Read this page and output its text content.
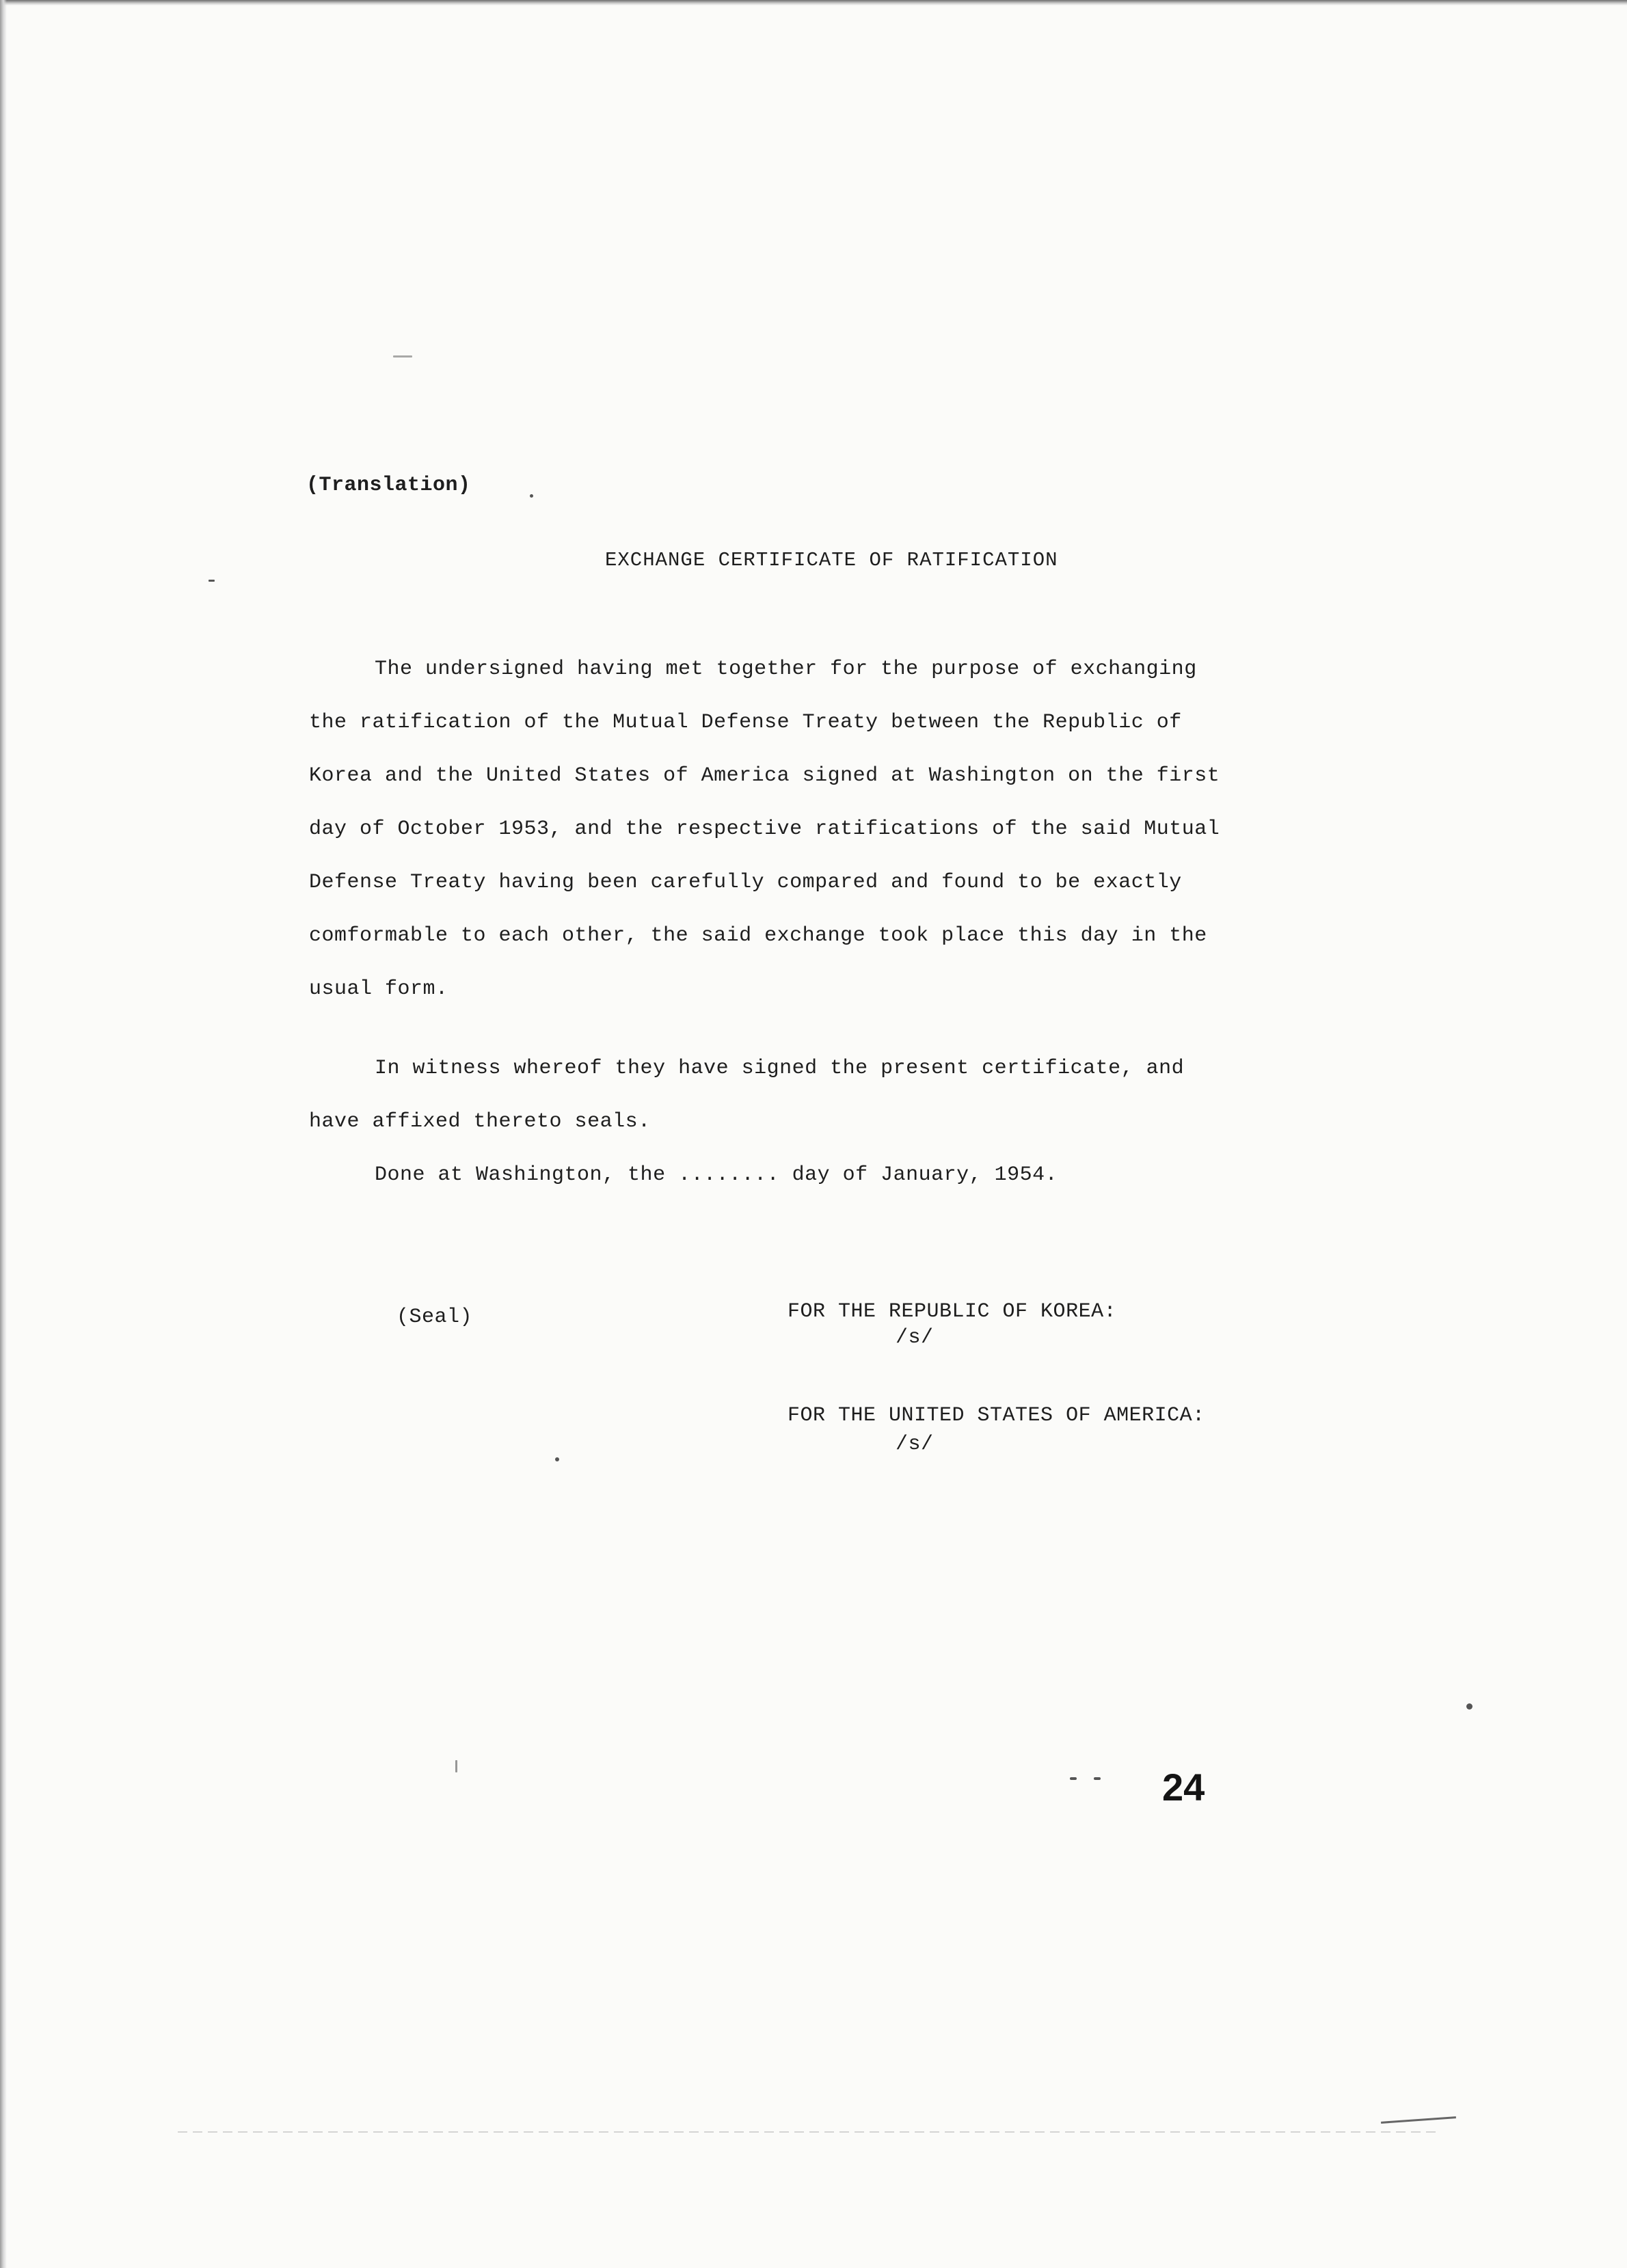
(Translation)
EXCHANGE CERTIFICATE OF RATIFICATION
The undersigned having met together for the purpose of exchanging
the ratification of the Mutual Defense Treaty between the Republic of
Korea and the United States of America signed at Washington on the first
day of October 1953, and the respective ratifications of the said Mutual
Defense Treaty having been carefully compared and found to be exactly
comformable to each other, the said exchange took place this day in the
usual form.
In witness whereof they have signed the present certificate, and
have affixed thereto seals.
Done at Washington, the ........ day of January, 1954.
(Seal)	FOR THE REPUBLIC OF KOREA:
/s/
FOR THE UNITED STATES OF AMERICA:
/s/
24
